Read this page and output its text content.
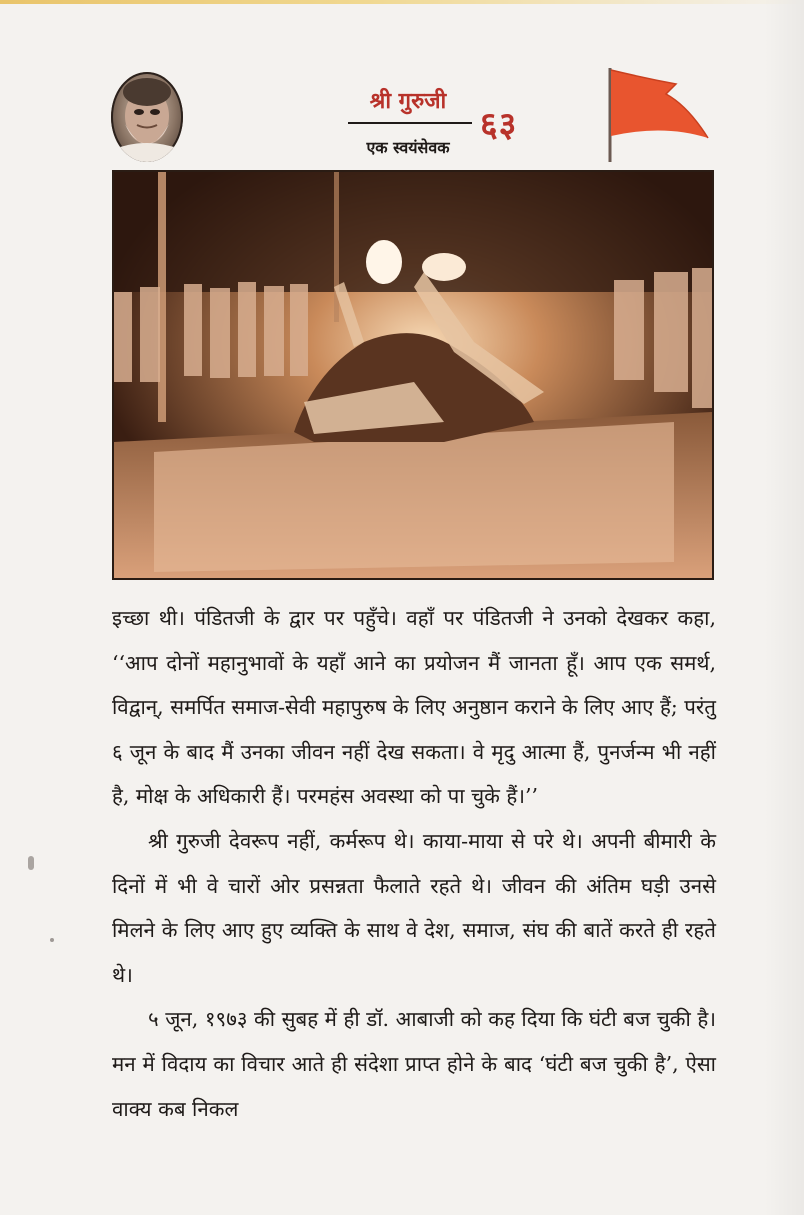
श्री गुरुजी
एक स्वयंसेवक
६३

इच्छा थी। पंडितजी के द्वार पर पहुँचे। वहाँ पर पंडितजी ने उनको देखकर कहा, ‘‘आप दोनों महानुभावों के यहाँ आने का प्रयोजन मैं जानता हूँ। आप एक समर्थ, विद्वान्, समर्पित समाज-सेवी महापुरुष के लिए अनुष्ठान कराने के लिए आए हैं; परंतु ६ जून के बाद मैं उनका जीवन नहीं देख सकता। वे मृदु आत्मा हैं, पुनर्जन्म भी नहीं है, मोक्ष के अधिकारी हैं। परमहंस अवस्था को पा चुके हैं।’’

श्री गुरुजी देवरूप नहीं, कर्मरूप थे। काया-माया से परे थे। अपनी बीमारी के दिनों में भी वे चारों ओर प्रसन्नता फैलाते रहते थे। जीवन की अंतिम घड़ी उनसे मिलने के लिए आए हुए व्यक्ति के साथ वे देश, समाज, संघ की बातें करते ही रहते थे।

५ जून, १९७३ की सुबह में ही डॉ. आबाजी को कह दिया कि घंटी बज चुकी है। मन में विदाय का विचार आते ही संदेशा प्राप्त होने के बाद ‘घंटी बज चुकी है’, ऐसा वाक्य कब निकल
